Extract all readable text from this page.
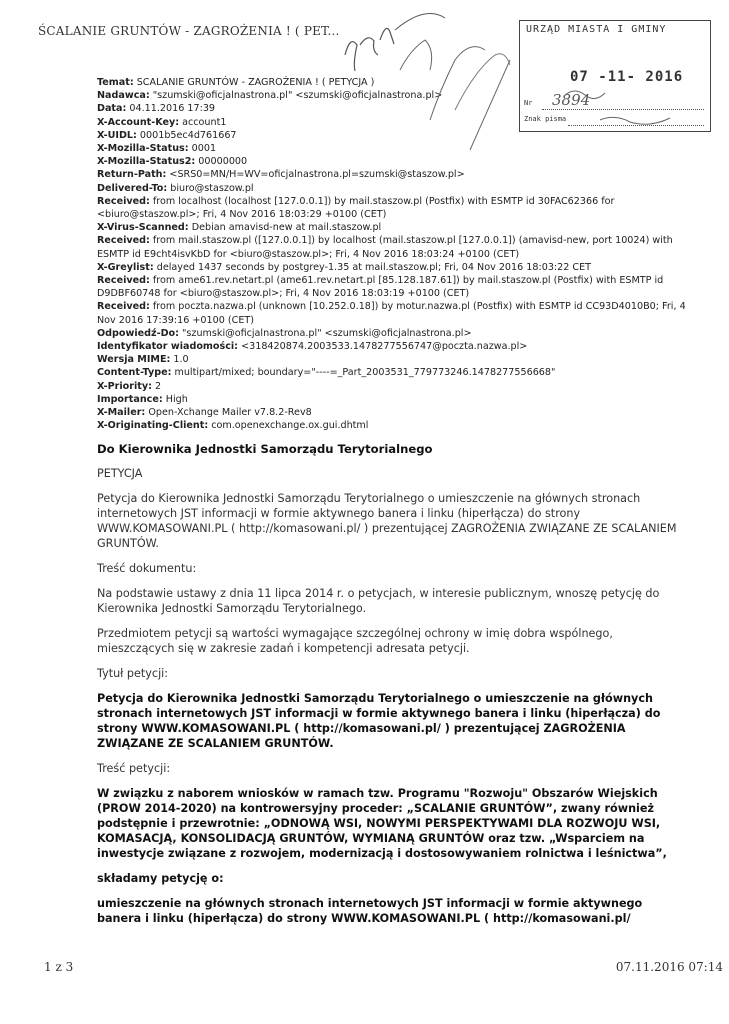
ŚCALANIE GRUNTÓW - ZAGROŻENIA ! ( PET...
Temat: SCALANIE GRUNTÓW - ZAGROŻENIA ! ( PETYCJA )
Nadawca: "szumski@oficjalnastrona.pl" <szumski@oficjalnastrona.pl>
Data: 04.11.2016 17:39
X-Account-Key: account1
X-UIDL: 0001b5ec4d761667
X-Mozilla-Status: 0001
X-Mozilla-Status2: 00000000
Return-Path: <SRS0=MN/H=WV=oficjalnastrona.pl=szumski@staszow.pl>
Delivered-To: biuro@staszow.pl
Received: from localhost (localhost [127.0.0.1]) by mail.staszow.pl (Postfix) with ESMTP id 30FAC62366 for <biuro@staszow.pl>; Fri, 4 Nov 2016 18:03:29 +0100 (CET)
X-Virus-Scanned: Debian amavisd-new at mail.staszow.pl
Received: from mail.staszow.pl ([127.0.0.1]) by localhost (mail.staszow.pl [127.0.0.1]) (amavisd-new, port 10024) with ESMTP id E9cht4isvKbD for <biuro@staszow.pl>; Fri, 4 Nov 2016 18:03:24 +0100 (CET)
X-Greylist: delayed 1437 seconds by postgrey-1.35 at mail.staszow.pl; Fri, 04 Nov 2016 18:03:22 CET
Received: from ame61.rev.netart.pl (ame61.rev.netart.pl [85.128.187.61]) by mail.staszow.pl (Postfix) with ESMTP id D9DBF60748 for <biuro@staszow.pl>; Fri, 4 Nov 2016 18:03:19 +0100 (CET)
Received: from poczta.nazwa.pl (unknown [10.252.0.18]) by motur.nazwa.pl (Postfix) with ESMTP id CC93D4010B0; Fri, 4 Nov 2016 17:39:16 +0100 (CET)
Odpowiedź-Do: "szumski@oficjalnastrona.pl" <szumski@oficjalnastrona.pl>
Identyfikator wiadomości: <318420874.2003533.1478277556747@poczta.nazwa.pl>
Wersja MIME: 1.0
Content-Type: multipart/mixed; boundary="----=_Part_2003531_779773246.1478277556668"
X-Priority: 2
Importance: High
X-Mailer: Open-Xchange Mailer v7.8.2-Rev8
X-Originating-Client: com.openexchange.ox.gui.dhtml

Do Kierownika Jednostki Samorządu Terytorialnego

PETYCJA

Petycja do Kierownika Jednostki Samorządu Terytorialnego o umieszczenie na głównych stronach internetowych JST informacji w formie aktywnego banera i linku (hiperłącza) do strony WWW.KOMASOWANI.PL ( http://komasowani.pl/ ) prezentującej ZAGROŻENIA ZWIĄZANE ZE SCALANIEM GRUNTÓW.

Treść dokumentu:

Na podstawie ustawy z dnia 11 lipca 2014 r. o petycjach, w interesie publicznym, wnoszę petycję do Kierownika Jednostki Samorządu Terytorialnego.

Przedmiotem petycji są wartości wymagające szczególnej ochrony w imię dobra wspólnego, mieszczących się w zakresie zadań i kompetencji adresata petycji.

Tytuł petycji:

Petycja do Kierownika Jednostki Samorządu Terytorialnego o umieszczenie na głównych stronach internetowych JST informacji w formie aktywnego banera i linku (hiperłącza) do strony WWW.KOMASOWANI.PL ( http://komasowani.pl/ ) prezentującej ZAGROŻENIA ZWIĄZANE ZE SCALANIEM GRUNTÓW.

Treść petycji:

W związku z naborem wniosków w ramach tzw. Programu "Rozwoju" Obszarów Wiejskich (PROW 2014-2020) na kontrowersyjny proceder: „SCALANIE GRUNTÓW”, zwany również podstępnie i przewrotnie: „ODNOWĄ WSI, NOWYMI PERSPEKTYWAMI DLA ROZWOJU WSI, KOMASACJĄ, KONSOLIDACJĄ GRUNTÓW, WYMIANĄ GRUNTÓW oraz tzw. „Wsparciem na inwestycje związane z rozwojem, modernizacją i dostosowywaniem rolnictwa i leśnictwa”,

składamy petycję o:

umieszczenie na głównych stronach internetowych JST informacji w formie aktywnego banera i linku (hiperłącza) do strony WWW.KOMASOWANI.PL ( http://komasowani.pl/

1 z 3	07.11.2016 07:14
URZĄD MIASTA I GMINY
07 -11- 2016
Nr
Znak pisma
3894
